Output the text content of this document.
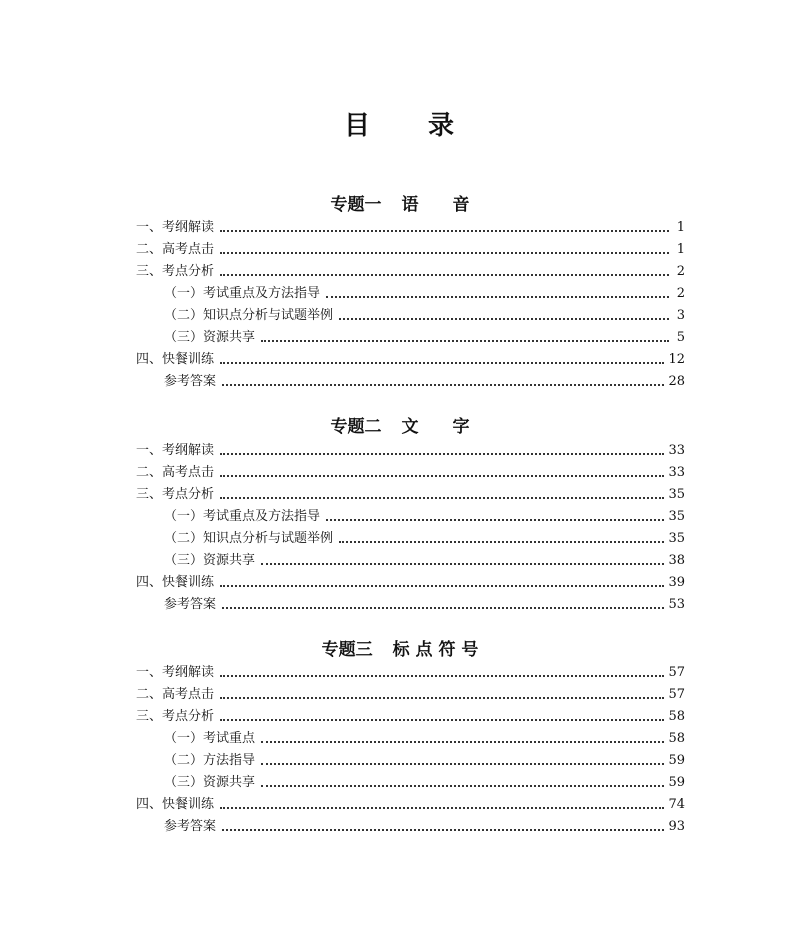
目　　录
专题一 语　　音
一、考纲解读	1
二、高考点击	1
三、考点分析	2
（一）考试重点及方法指导	2
（二）知识点分析与试题举例	3
（三）资源共享	5
四、快餐训练	12
参考答案	28
专题二 文　　字
一、考纲解读	33
二、高考点击	33
三、考点分析	35
（一）考试重点及方法指导	35
（二）知识点分析与试题举例	35
（三）资源共享	38
四、快餐训练	39
参考答案	53
专题三 标 点 符 号
一、考纲解读	57
二、高考点击	57
三、考点分析	58
（一）考试重点	58
（二）方法指导	59
（三）资源共享	59
四、快餐训练	74
参考答案	93
